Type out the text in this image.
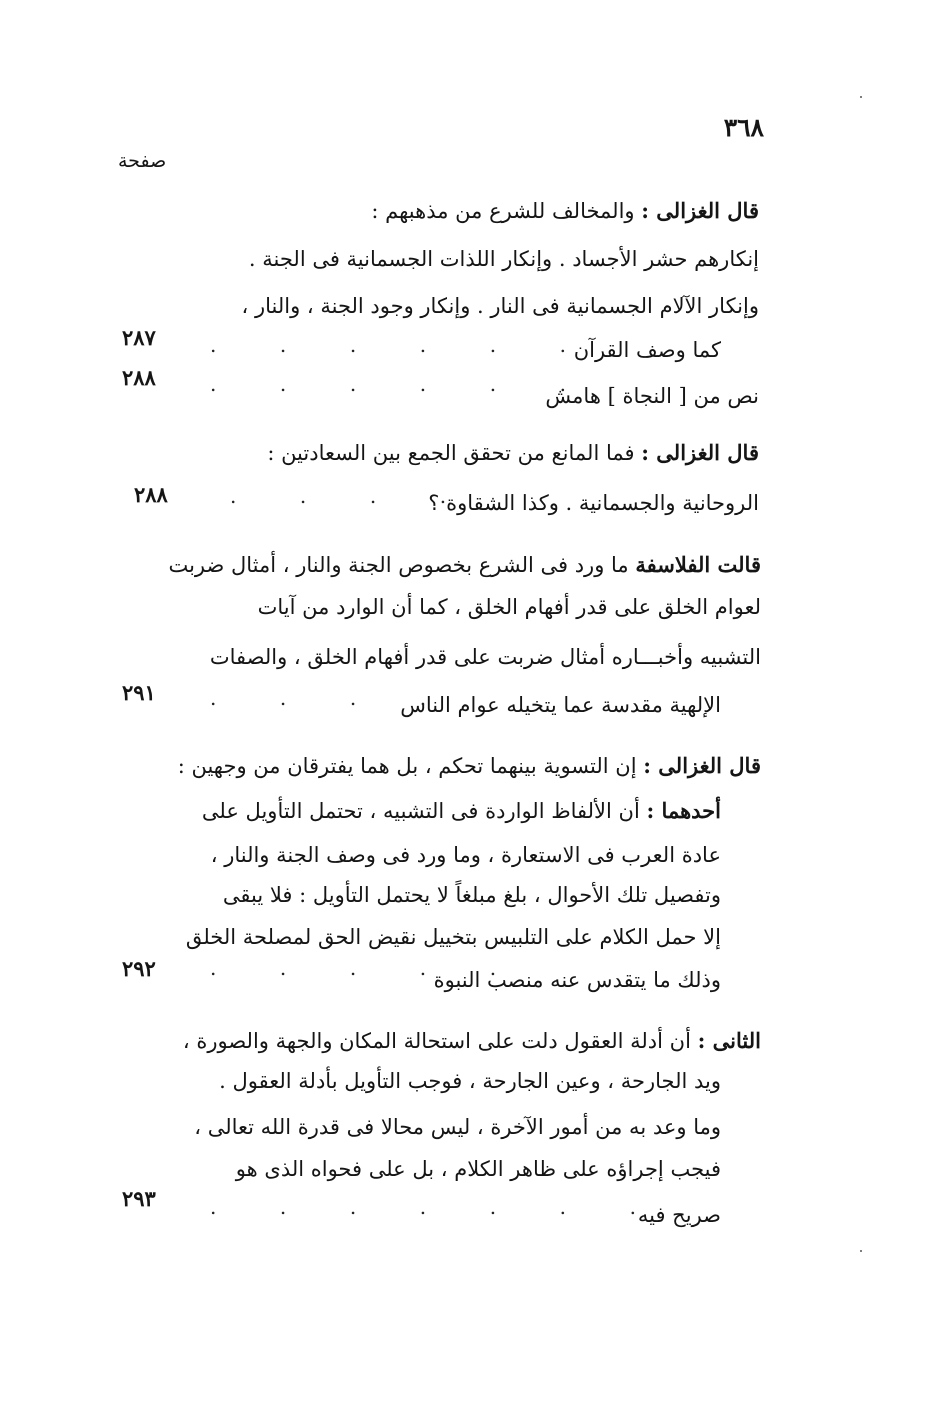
٣٦٨
صفحة
قال الغزالى : والمخالف للشرع من مذهبهم :
إنكارهم حشر الأجساد . وإنكار اللذات الجسمانية فى الجنة .
وإنكار الآلام الجسمانية فى النار . وإنكار وجود الجنة ، والنار ،
كما وصف القرآن
.          .          .          .          .          .
٢٨٧
نص من [ النجاة ] هامش
.          .          .          .          .          .
٢٨٨
قال الغزالى : فما المانع من تحقق الجمع بين السعادتين :
الروحانية والجسمانية . وكذا الشقاوة ؟
.          .          .          .
٢٨٨
قالت الفلاسفة ما ورد فى الشرع بخصوص الجنة والنار ، أمثال ضربت
لعوام الخلق على قدر أفهام الخلق ، كما أن الوارد من آيات
التشبيه وأخبـــاره أمثال ضربت على قدر أفهام الخلق ، والصفات
الإلهية مقدسة عما يتخيله عوام الناس
.          .          .          .
٢٩١
قال الغزالى : إن التسوية بينهما تحكم ، بل هما يفترقان من وجهين :
أحدهما : أن الألفاظ الواردة فى التشبيه ، تحتمل التأويل على
عادة العرب فى الاستعارة ، وما ورد فى وصف الجنة والنار ،
وتفصيل تلك الأحوال ، بلغ مبلغاً لا يحتمل التأويل : فلا يبقى
إلا حمل الكلام على التلبيس بتخييل نقيض الحق لمصلحة الخلق
وذلك ما يتقدس عنه منصب النبوة
.          .          .          .          .
٢٩٢
الثانى : أن أدلة العقول دلت على استحالة المكان والجهة والصورة ،
ويد الجارحة ، وعين الجارحة ، فوجب التأويل بأدلة العقول .
وما وعد به من أمور الآخرة ، ليس محالا فى قدرة الله تعالى ،
فيجب إجراؤه على ظاهر الكلام ، بل على فحواه الذى هو
صريح فيه
.          .          .          .          .          .          .
٢٩٣
